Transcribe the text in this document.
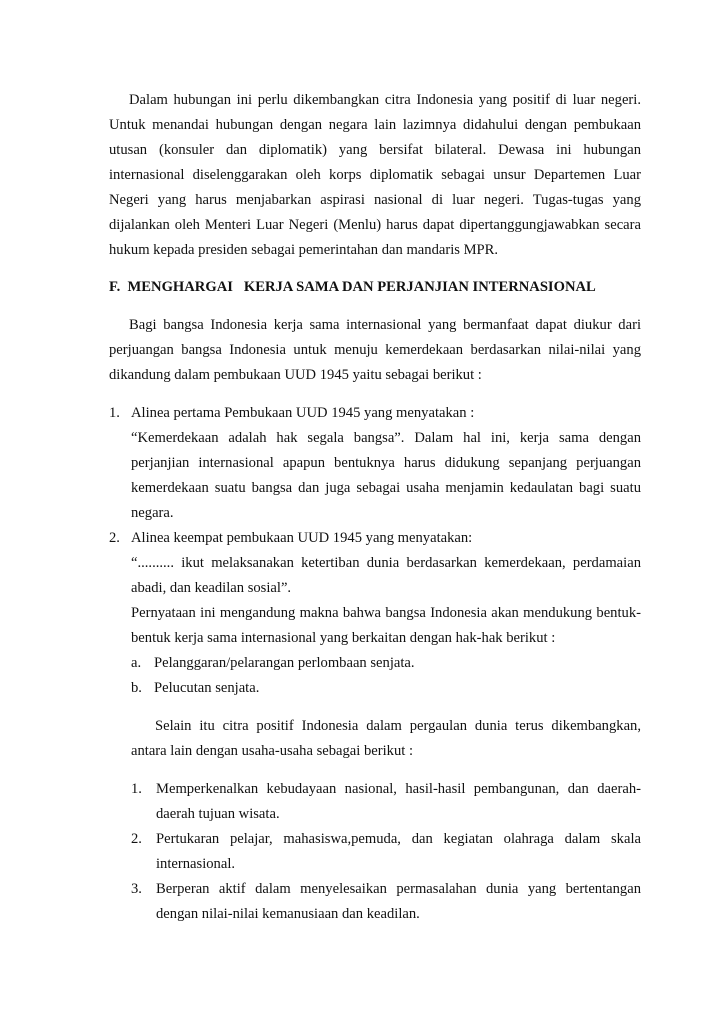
Dalam hubungan ini perlu dikembangkan citra Indonesia yang positif di luar negeri.
Untuk menandai hubungan dengan negara lain lazimnya didahului dengan pembukaan
utusan (konsuler dan diplomatik) yang bersifat bilateral. Dewasa ini hubungan
internasional diselenggarakan oleh korps diplomatik sebagai unsur Departemen Luar
Negeri yang harus menjabarkan aspirasi nasional di luar negeri. Tugas-tugas yang
dijalankan oleh Menteri Luar Negeri (Menlu) harus dapat dipertanggungjawabkan secara
hukum kepada presiden sebagai pemerintahan dan mandaris MPR.
F.  MENGHARGAI   KERJA SAMA DAN PERJANJIAN INTERNASIONAL
Bagi bangsa Indonesia kerja sama internasional yang bermanfaat dapat diukur dari
perjuangan bangsa Indonesia untuk menuju kemerdekaan berdasarkan nilai-nilai yang
dikandung dalam pembukaan UUD 1945 yaitu sebagai berikut :
1. Alinea pertama Pembukaan UUD 1945 yang menyatakan :
“Kemerdekaan adalah hak segala bangsa”. Dalam hal ini, kerja sama dengan
perjanjian internasional apapun bentuknya harus didukung sepanjang perjuangan
kemerdekaan suatu bangsa dan juga sebagai usaha menjamin kedaulatan bagi suatu
negara.
2. Alinea keempat pembukaan UUD 1945 yang menyatakan:
“.......... ikut melaksanakan ketertiban dunia berdasarkan kemerdekaan, perdamaian
abadi, dan keadilan sosial”.
Pernyataan ini mengandung makna bahwa bangsa Indonesia akan mendukung bentuk-
bentuk kerja sama internasional yang berkaitan dengan hak-hak berikut :
a. Pelanggaran/pelarangan perlombaan senjata.
b. Pelucutan senjata.
Selain itu citra positif Indonesia dalam pergaulan dunia terus dikembangkan,
antara lain dengan usaha-usaha sebagai berikut :
1. Memperkenalkan kebudayaan nasional, hasil-hasil pembangunan, dan daerah-
daerah tujuan wisata.
2. Pertukaran pelajar, mahasiswa,pemuda, dan kegiatan olahraga dalam skala
internasional.
3. Berperan aktif dalam menyelesaikan permasalahan dunia yang bertentangan
dengan nilai-nilai kemanusiaan dan keadilan.
